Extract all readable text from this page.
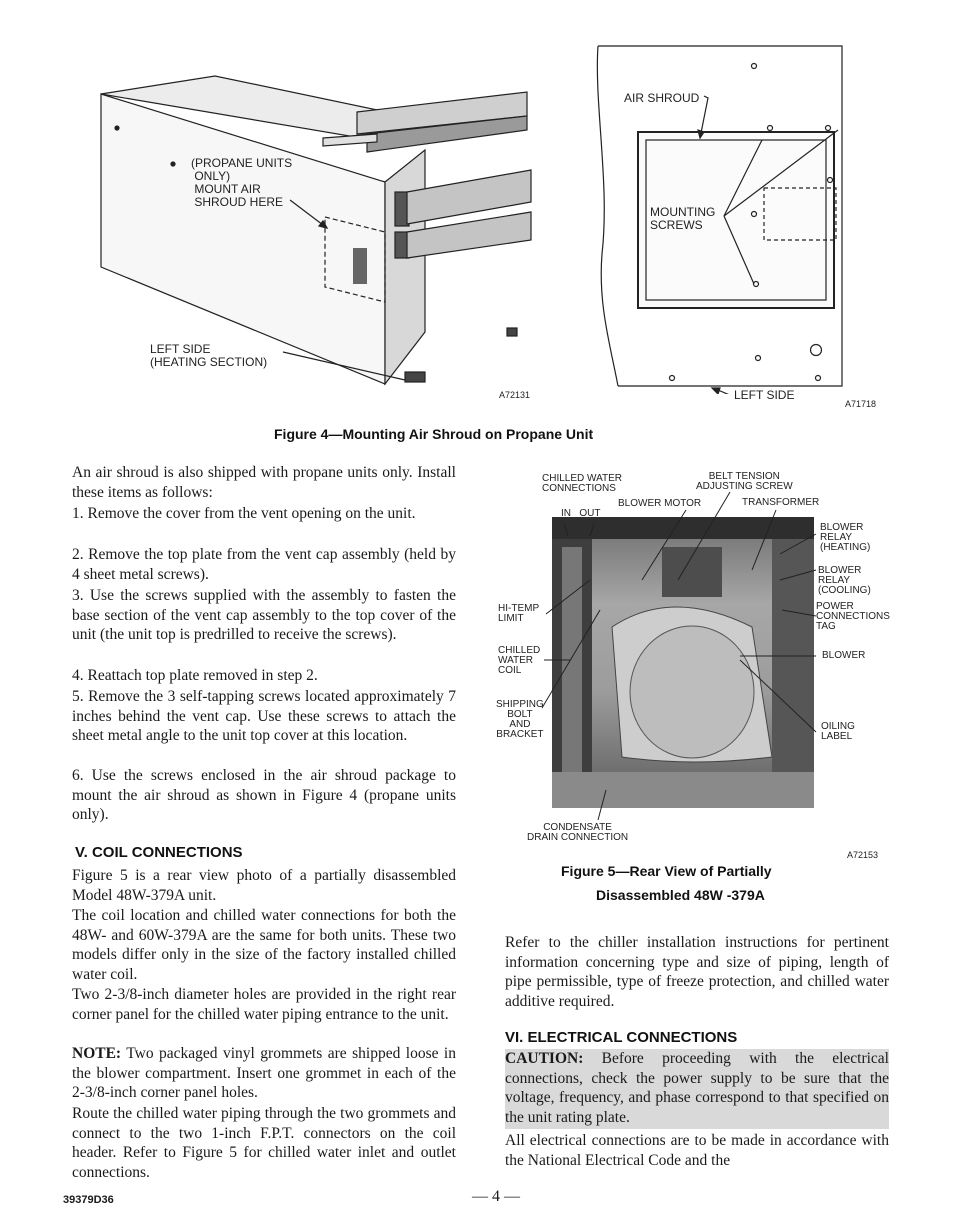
(PROPANE UNITS
ONLY)
MOUNT AIR
SHROUD HERE
LEFT SIDE
(HEATING SECTION)
A72131
AIR SHROUD
MOUNTING
SCREWS
LEFT SIDE
A71718
Figure 4—Mounting Air Shroud on Propane Unit

An air shroud is also shipped with propane units only. Install these items as follows:

1. Remove the cover from the vent opening on the unit.

2. Remove the top plate from the vent cap assembly (held by 4 sheet metal screws).

3. Use the screws supplied with the assembly to fasten the base section of the vent cap assembly to the top cover of the unit (the unit top is predrilled to receive the screws).

4. Reattach top plate removed in step 2.

5. Remove the 3 self-tapping screws located approximately 7 inches behind the vent cap. Use these screws to attach the sheet metal angle to the unit top cover at this location.

6. Use the screws enclosed in the air shroud package to mount the air shroud as shown in Figure 4 (propane units only).

V. COIL CONNECTIONS

Figure 5 is a rear view photo of a partially disassembled Model 48W-379A unit.

The coil location and chilled water connections for both the 48W- and 60W-379A are the same for both units. These two models differ only in the size of the factory installed chilled water coil.

Two 2-3/8-inch diameter holes are provided in the right rear corner panel for the chilled water piping entrance to the unit.

NOTE: Two packaged vinyl grommets are shipped loose in the blower compartment. Insert one grommet in each of the 2-3/8-inch corner panel holes.

Route the chilled water piping through the two grommets and connect to the two 1-inch F.P.T. connectors on the coil header. Refer to Figure 5 for chilled water inlet and outlet connections.

CHILLED WATER
CONNECTIONS
IN   OUT
BELT TENSION
ADJUSTING SCREW
BLOWER MOTOR	TRANSFORMER
BLOWER
RELAY
(HEATING)
BLOWER
RELAY
(COOLING)
POWER
CONNECTIONS
TAG
BLOWER
OILING
LABEL
HI-TEMP
LIMIT
CHILLED
WATER
COIL
SHIPPING
BOLT
AND
BRACKET
CONDENSATE
DRAIN CONNECTION
A72153
Figure 5—Rear View of Partially
Disassembled 48W -379A

Refer to the chiller installation instructions for pertinent information concerning type and size of piping, length of pipe permissible, type of freeze protection, and chilled water additive required.

VI. ELECTRICAL CONNECTIONS

CAUTION: Before proceeding with the electrical connections, check the power supply to be sure that the voltage, frequency, and phase correspond to that specified on the unit rating plate.

All electrical connections are to be made in accordance with the National Electrical Code and the

39379D36	— 4 —
